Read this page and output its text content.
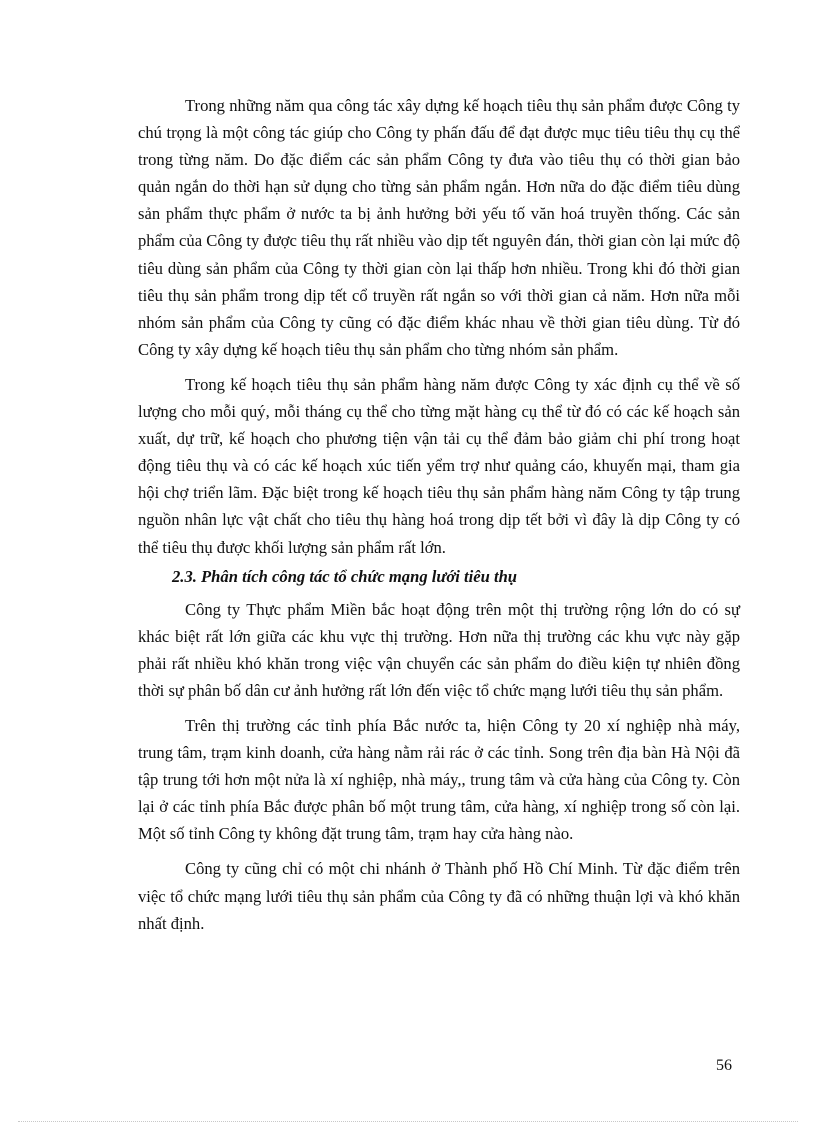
Trong những năm qua công tác xây dựng kế hoạch tiêu thụ sản phẩm được Công ty chú trọng là một công tác giúp cho Công ty phấn đấu để đạt được mục tiêu tiêu thụ cụ thể trong từng năm. Do đặc điểm các sản phẩm Công ty đưa vào tiêu thụ có thời gian bảo quản ngắn do thời hạn sử dụng cho từng sản phẩm ngắn. Hơn nữa do đặc điểm tiêu dùng sản phẩm thực phẩm ở nước ta bị ảnh hưởng bởi yếu tố văn hoá truyền thống. Các sản phẩm của Công ty được tiêu thụ rất nhiều vào dịp tết nguyên đán, thời gian còn lại mức độ tiêu dùng sản phẩm của Công ty thời gian còn lại thấp hơn nhiều. Trong khi đó thời gian tiêu thụ sản phẩm trong dịp tết cổ truyền rất ngắn so với thời gian cả năm. Hơn nữa mỗi nhóm sản phẩm của Công ty cũng có đặc điểm khác nhau về thời gian tiêu dùng. Từ đó Công ty xây dựng kế hoạch tiêu thụ sản phẩm cho từng nhóm sản phẩm.

Trong kế hoạch tiêu thụ sản phẩm hàng năm được Công ty xác định cụ thể về số lượng cho mỗi quý, mỗi tháng cụ thể cho từng mặt hàng cụ thể từ đó có các kế hoạch sản xuất, dự trữ, kế hoạch cho phương tiện vận tải cụ thể đảm bảo giảm chi phí trong hoạt động tiêu thụ và có các kế hoạch xúc tiến yểm trợ như quảng cáo, khuyến mại, tham gia hội chợ triển lãm. Đặc biệt trong kế hoạch tiêu thụ sản phẩm hàng năm Công ty tập trung nguồn nhân lực vật chất cho tiêu thụ hàng hoá trong dịp tết bởi vì đây là dịp Công ty có thể tiêu thụ được khối lượng sản phẩm rất lớn.

2.3. Phân tích công tác tổ chức mạng lưới tiêu thụ

Công ty Thực phẩm Miền bắc hoạt động trên một thị trường rộng lớn do có sự khác biệt rất lớn giữa các khu vực thị trường. Hơn nữa thị trường các khu vực này gặp phải rất nhiều khó khăn trong việc vận chuyển các sản phẩm do điều kiện tự nhiên đồng thời sự phân bố dân cư ảnh hưởng rất lớn đến việc tổ chức mạng lưới tiêu thụ sản phẩm.

Trên thị trường các tỉnh phía Bắc nước ta, hiện Công ty 20 xí nghiệp nhà máy, trung tâm, trạm kinh doanh, cửa hàng nằm rải rác ở các tỉnh. Song trên địa bàn Hà Nội đã tập trung tới hơn một nửa là xí nghiệp, nhà máy,, trung tâm và cửa hàng của Công ty. Còn lại ở các tỉnh phía Bắc được phân bố một trung tâm, cửa hàng, xí nghiệp trong số còn lại. Một số tỉnh Công ty không đặt trung tâm, trạm hay cửa hàng nào.

Công ty cũng chỉ có một chi nhánh ở Thành phố Hồ Chí Minh. Từ đặc điểm trên việc tổ chức mạng lưới tiêu thụ sản phẩm của Công ty đã có những thuận lợi và khó khăn nhất định.

56
